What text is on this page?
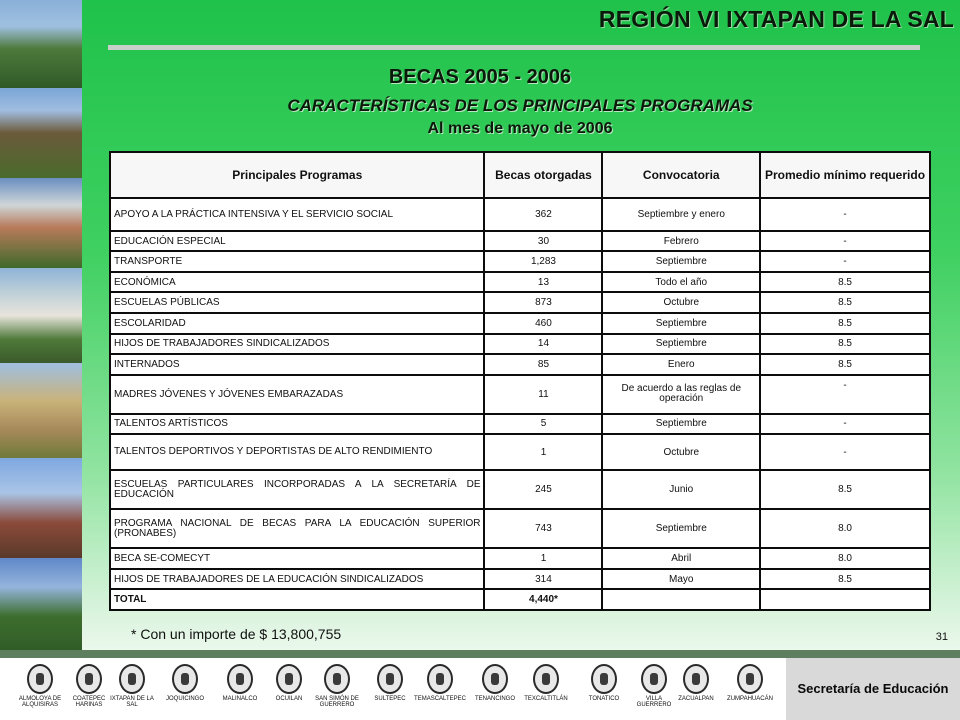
REGIÓN VI IXTAPAN DE LA SAL
BECAS 2005 - 2006
CARACTERÍSTICAS DE LOS PRINCIPALES PROGRAMAS
Al mes de mayo de 2006
Principales Programas	Becas otorgadas	Convocatoria	Promedio mínimo requerido
APOYO A LA PRÁCTICA INTENSIVA Y EL SERVICIO SOCIAL	362	Septiembre y enero	-
EDUCACIÓN ESPECIAL	30	Febrero	-
TRANSPORTE	1,283	Septiembre	-
ECONÓMICA	13	Todo el año	8.5
ESCUELAS PÚBLICAS	873	Octubre	8.5
ESCOLARIDAD	460	Septiembre	8.5
HIJOS DE TRABAJADORES SINDICALIZADOS	14	Septiembre	8.5
INTERNADOS	85	Enero	8.5
MADRES JÓVENES Y JÓVENES EMBARAZADAS	11	De acuerdo a las reglas de operación	-
TALENTOS ARTÍSTICOS	5	Septiembre	-
TALENTOS DEPORTIVOS Y DEPORTISTAS DE ALTO RENDIMIENTO	1	Octubre	-
ESCUELAS PARTICULARES INCORPORADAS A LA SECRETARÍA DE EDUCACIÓN	245	Junio	8.5
PROGRAMA NACIONAL DE BECAS PARA LA EDUCACIÓN SUPERIOR (PRONABES)	743	Septiembre	8.0
BECA SE-COMECYT	1	Abril	8.0
HIJOS DE TRABAJADORES DE LA EDUCACIÓN SINDICALIZADOS	314	Mayo	8.5
TOTAL	4,440*		
* Con un importe de $ 13,800,755	31
ALMOLOYA DE ALQUISIRAS
COATEPEC HARINAS
IXTAPAN DE LA SAL
JOQUICINGO	MALINALCO	OCUILAN	SAN SIMÓN DE GUERRERO
SULTEPEC	TEMASCALTEPEC	TENANCINGO	TEXCALTITLÁN	TONATICO	VILLA GUERRERO
ZACUALPAN	ZUMPAHUACÁN
Secretaría de Educación
